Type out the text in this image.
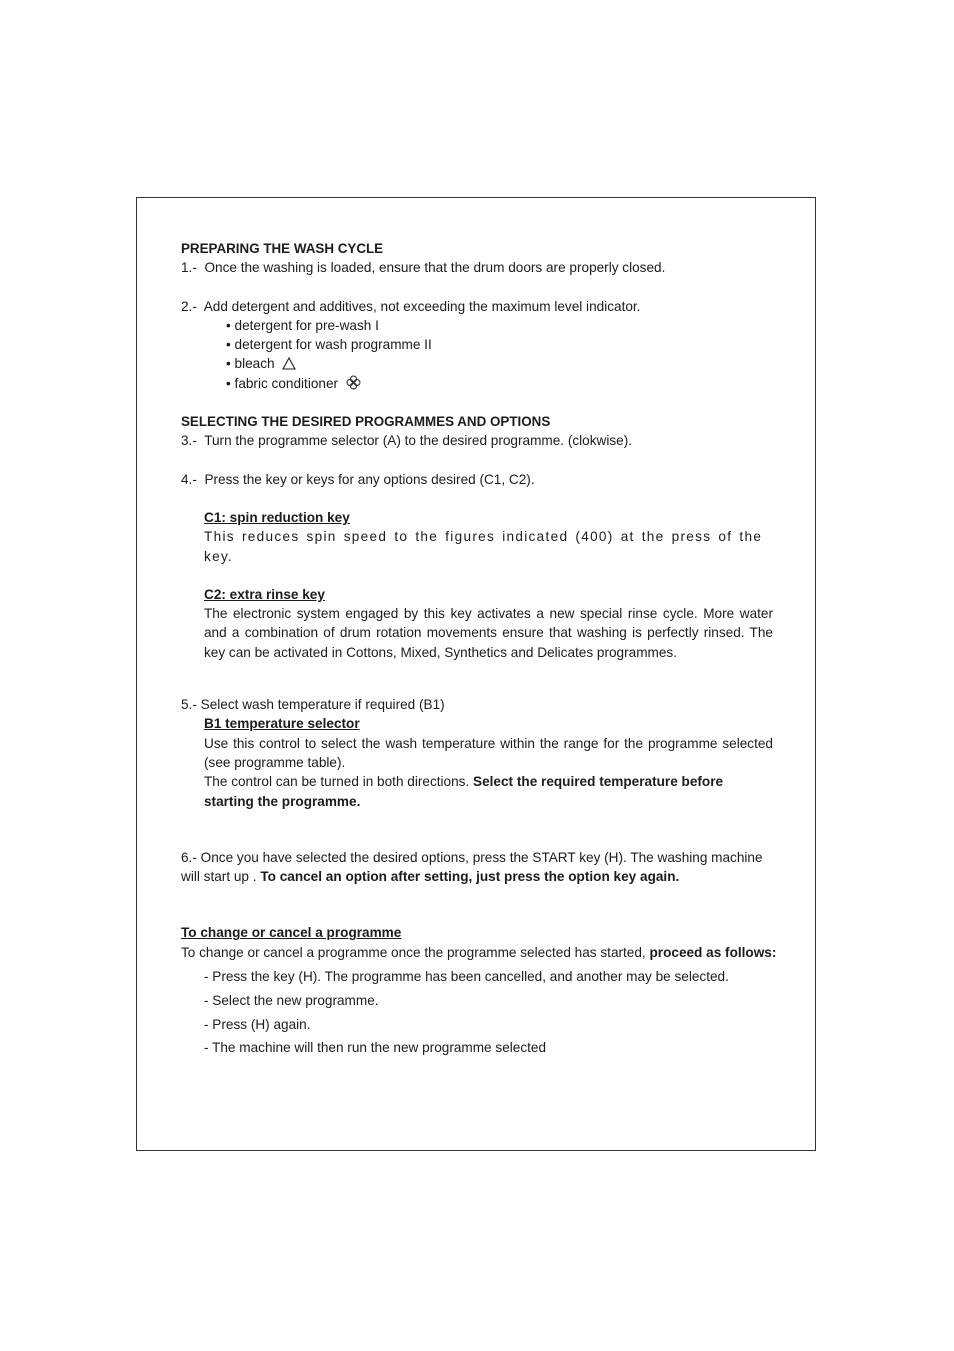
PREPARING THE WASH CYCLE
1.- Once the washing is loaded, ensure that the drum doors are properly closed.
2.- Add detergent and additives, not exceeding the maximum level indicator.
• detergent for pre-wash I
• detergent for wash programme II
• bleach
• fabric conditioner
SELECTING THE DESIRED PROGRAMMES AND OPTIONS
3.- Turn the programme selector (A) to the desired programme. (clokwise).
4.- Press the key or keys for any options desired (C1, C2).
C1: spin reduction key
This reduces spin speed to the figures indicated (400) at the press of the key.
C2: extra rinse key
The electronic system engaged by this key activates a new special rinse cycle. More water and a combination of drum rotation movements ensure that washing is perfectly rinsed. The key can be activated in Cottons, Mixed, Synthetics and Delicates programmes.
5.- Select wash temperature if required (B1)
B1 temperature selector
Use this control to select the wash temperature within the range for the programme selected (see programme table).
The control can be turned in both directions. Select the required temperature before starting the programme.
6.- Once you have selected the desired options, press the START key (H). The washing machine will start up . To cancel an option after setting, just press the option key again.
To change or cancel a programme
To change or cancel a programme once the programme selected has started, proceed as follows:
- Press the key (H). The programme has been cancelled, and another may be selected.
- Select the new programme.
- Press (H) again.
- The machine will then run the new programme selected
